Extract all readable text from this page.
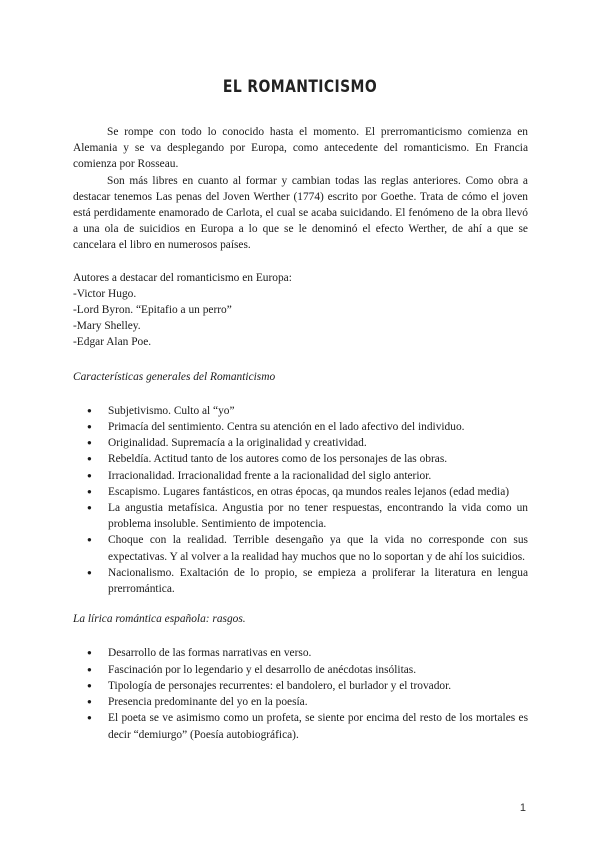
EL ROMANTICISMO

Se rompe con todo lo conocido hasta el momento. El prerromanticismo comienza en Alemania y se va desplegando por Europa, como antecedente del romanticismo. En Francia comienza por Rosseau.

Son más libres en cuanto al formar y cambian todas las reglas anteriores. Como obra a destacar tenemos Las penas del Joven Werther (1774) escrito por Goethe. Trata de cómo el joven está perdidamente enamorado de Carlota, el cual se acaba suicidando. El fenómeno de la obra llevó a una ola de suicidios en Europa a lo que se le denominó el efecto Werther, de ahí a que se cancelara el libro en numerosos países.

Autores a destacar del romanticismo en Europa:

-Victor Hugo.

-Lord Byron. “Epitafio a un perro”

-Mary Shelley.

-Edgar Alan Poe.

Características generales del Romanticismo

● Subjetivismo. Culto al “yo”
● Primacía del sentimiento. Centra su atención en el lado afectivo del individuo.
● Originalidad. Supremacía a la originalidad y creatividad.
● Rebeldía. Actitud tanto de los autores como de los personajes de las obras.
● Irracionalidad. Irracionalidad frente a la racionalidad del siglo anterior.
● Escapismo. Lugares fantásticos, en otras épocas, qa mundos reales lejanos (edad media)
● La angustia metafísica. Angustia por no tener respuestas, encontrando la vida como un problema insoluble. Sentimiento de impotencia.
● Choque con la realidad. Terrible desengaño ya que la vida no corresponde con sus expectativas. Y al volver a la realidad hay muchos que no lo soportan y de ahí los suicidios.
● Nacionalismo. Exaltación de lo propio, se empieza a proliferar la literatura en lengua prerromántica.

La lírica romántica española: rasgos.

● Desarrollo de las formas narrativas en verso.
● Fascinación por lo legendario y el desarrollo de anécdotas insólitas.
● Tipología de personajes recurrentes: el bandolero, el burlador y el trovador.
● Presencia predominante del yo en la poesía.
● El poeta se ve asimismo como un profeta, se siente por encima del resto de los mortales es decir “demiurgo” (Poesía autobiográfica).
1
